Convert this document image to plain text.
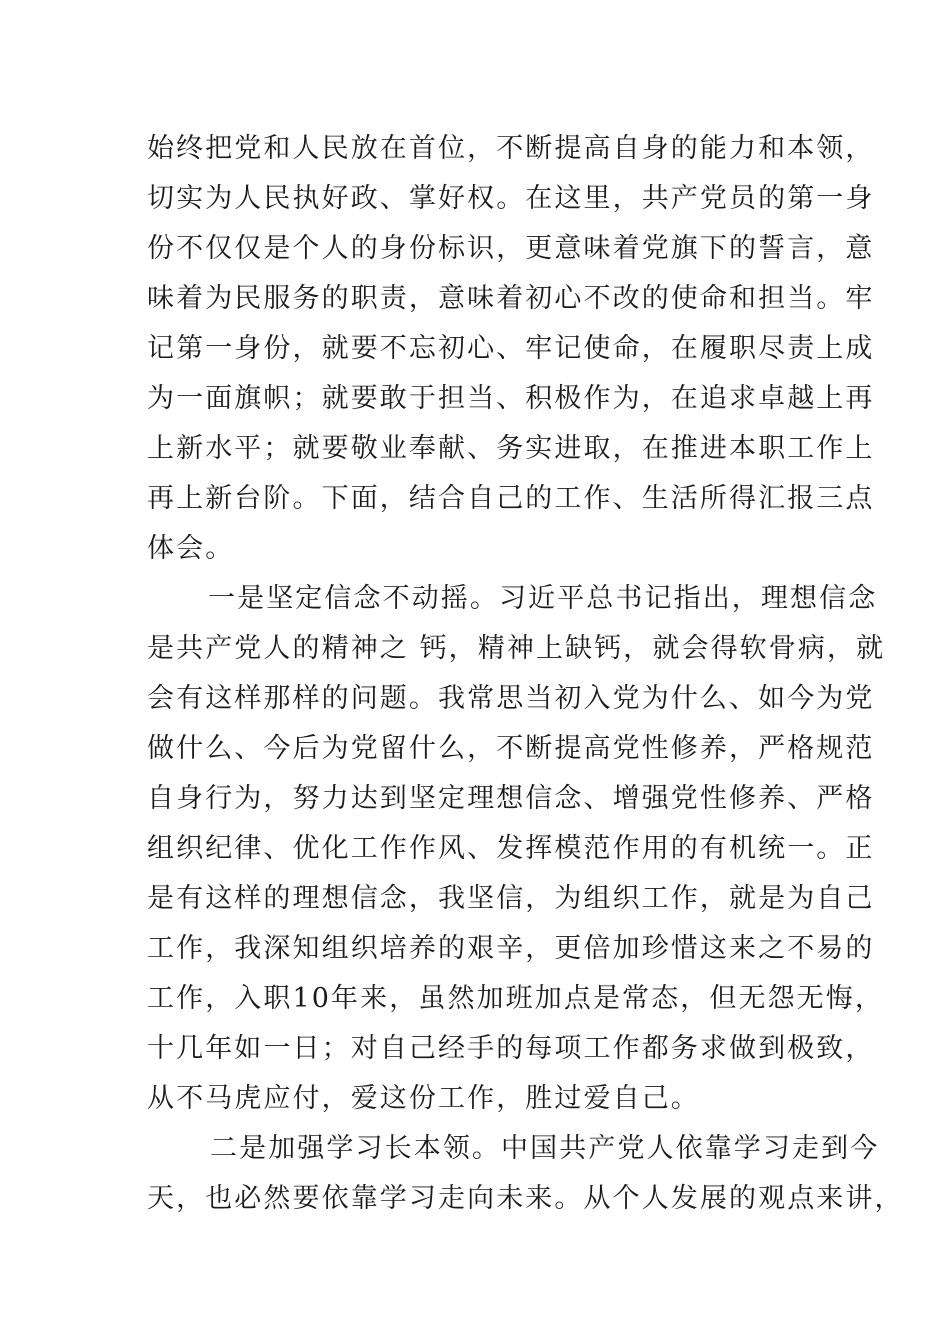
始终把党和人民放在首位，不断提高自身的能力和本领，
切实为人民执好政、掌好权。在这里，共产党员的第一身
份不仅仅是个人的身份标识，更意味着党旗下的誓言，意
味着为民服务的职责，意味着初心不改的使命和担当。牢
记第一身份，就要不忘初心、牢记使命，在履职尽责上成
为一面旗帜；就要敢于担当、积极作为，在追求卓越上再
上新水平；就要敬业奉献、务实进取，在推进本职工作上
再上新台阶。下面，结合自己的工作、生活所得汇报三点
体会。
一是坚定信念不动摇。习近平总书记指出，理想信念
是共产党人的精神之 钙，精神上缺钙，就会得软骨病，就
会有这样那样的问题。我常思当初入党为什么、如今为党
做什么、今后为党留什么，不断提高党性修养，严格规范
自身行为，努力达到坚定理想信念、增强党性修养、严格
组织纪律、优化工作作风、发挥模范作用的有机统一。正
是有这样的理想信念，我坚信，为组织工作，就是为自己
工作，我深知组织培养的艰辛，更倍加珍惜这来之不易的
工作，入职10年来，虽然加班加点是常态，但无怨无悔，
十几年如一日；对自己经手的每项工作都务求做到极致，
从不马虎应付，爱这份工作，胜过爱自己。
二是加强学习长本领。中国共产党人依靠学习走到今
天，也必然要依靠学习走向未来。从个人发展的观点来讲，
